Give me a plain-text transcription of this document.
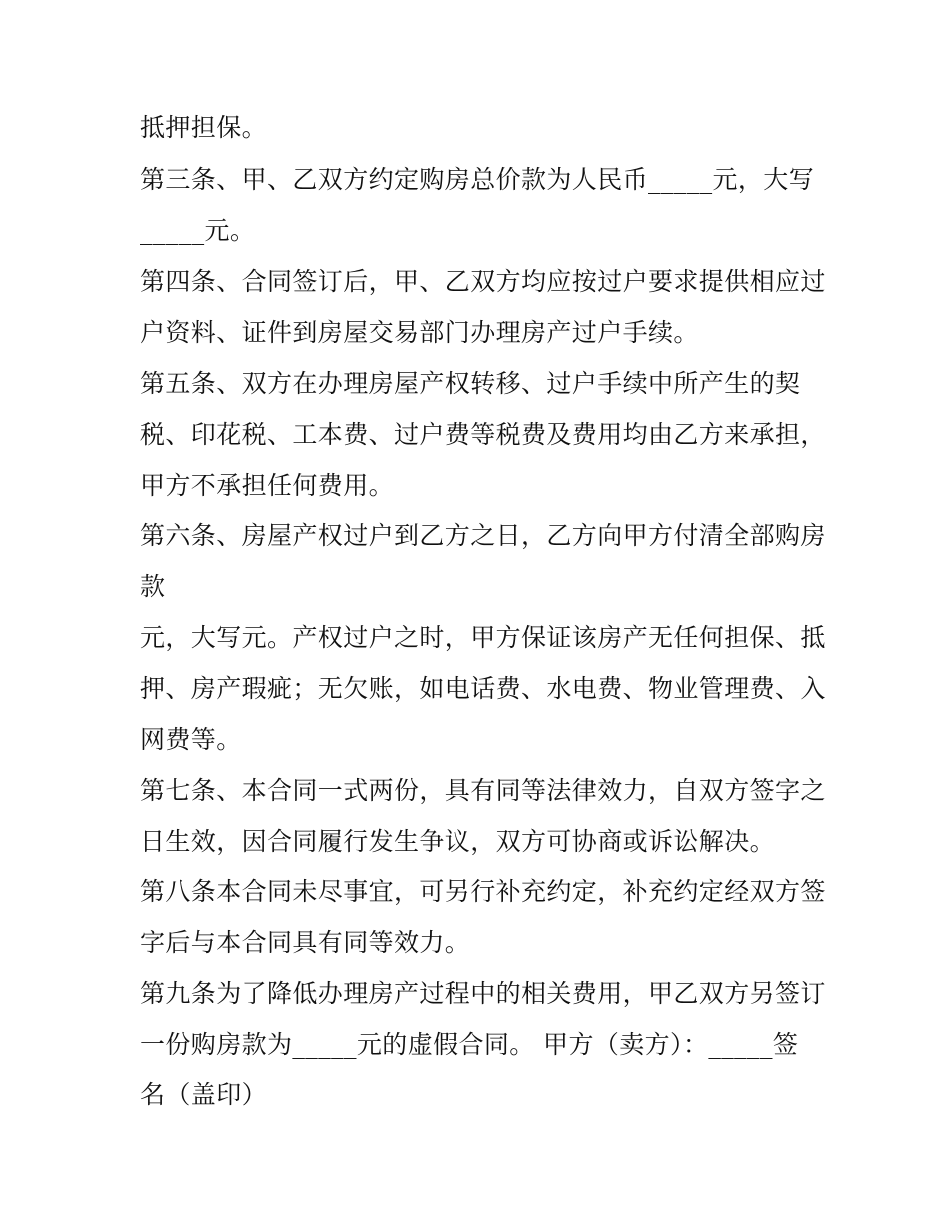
抵押担保。
第三条、甲、乙双方约定购房总价款为人民币_____元，大写
_____元。
第四条、合同签订后，甲、乙双方均应按过户要求提供相应过
户资料、证件到房屋交易部门办理房产过户手续。
第五条、双方在办理房屋产权转移、过户手续中所产生的契
税、印花税、工本费、过户费等税费及费用均由乙方来承担，
甲方不承担任何费用。
第六条、房屋产权过户到乙方之日，乙方向甲方付清全部购房
款
元，大写元。产权过户之时，甲方保证该房产无任何担保、抵
押、房产瑕疵；无欠账，如电话费、水电费、物业管理费、入
网费等。
第七条、本合同一式两份，具有同等法律效力，自双方签字之
日生效，因合同履行发生争议，双方可协商或诉讼解决。
第八条本合同未尽事宜，可另行补充约定，补充约定经双方签
字后与本合同具有同等效力。
第九条为了降低办理房产过程中的相关费用，甲乙双方另签订
一份购房款为_____元的虚假合同。 甲方（卖方）：_____签
名（盖印）
